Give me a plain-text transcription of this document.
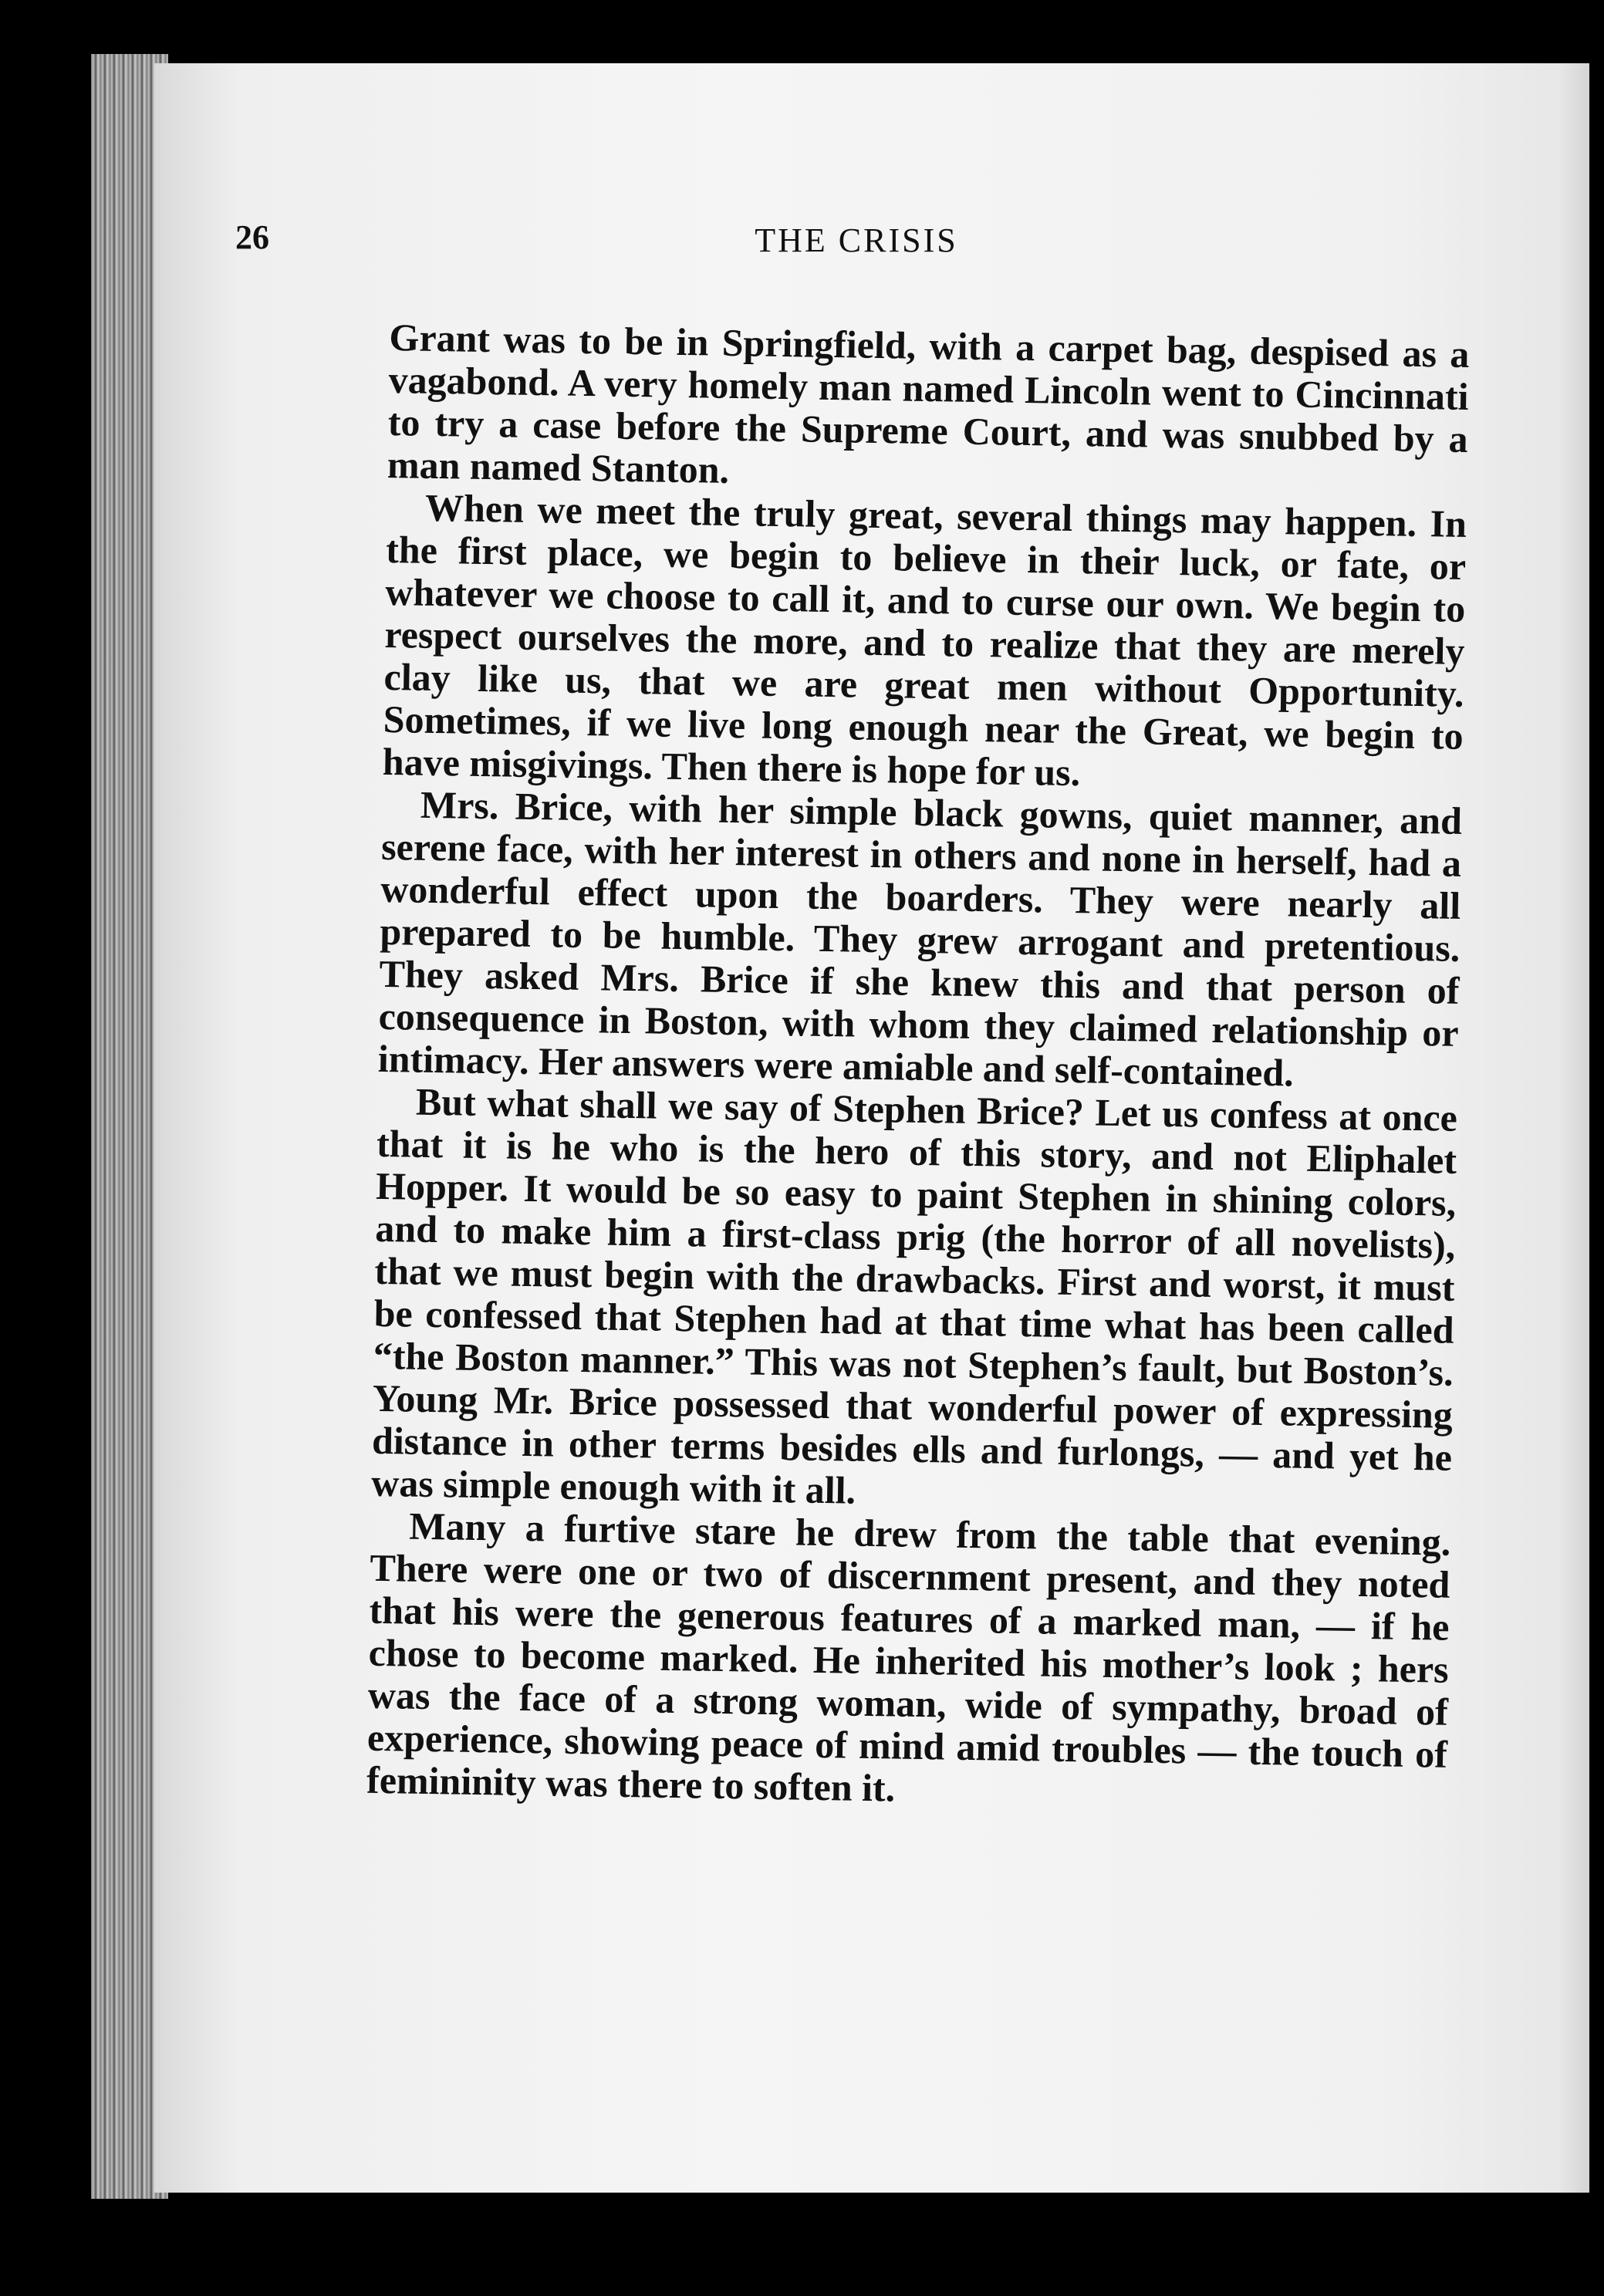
26	THE CRISIS

Grant was to be in Springfield, with a carpet bag, despised as a vagabond. A very homely man named Lincoln went to Cincinnati to try a case before the Supreme Court, and was snubbed by a man named Stanton.

When we meet the truly great, several things may happen. In the first place, we begin to believe in their luck, or fate, or whatever we choose to call it, and to curse our own. We begin to respect ourselves the more, and to realize that they are merely clay like us, that we are great men without Opportunity. Sometimes, if we live long enough near the Great, we begin to have misgivings. Then there is hope for us.

Mrs. Brice, with her simple black gowns, quiet manner, and serene face, with her interest in others and none in herself, had a wonderful effect upon the boarders. They were nearly all prepared to be humble. They grew arrogant and pretentious. They asked Mrs. Brice if she knew this and that person of consequence in Boston, with whom they claimed relationship or intimacy. Her answers were amiable and self-contained.

But what shall we say of Stephen Brice? Let us confess at once that it is he who is the hero of this story, and not Eliphalet Hopper. It would be so easy to paint Stephen in shining colors, and to make him a first-class prig (the horror of all novelists), that we must begin with the drawbacks. First and worst, it must be confessed that Stephen had at that time what has been called “the Boston manner.” This was not Stephen’s fault, but Boston’s. Young Mr. Brice possessed that wonderful power of expressing distance in other terms besides ells and furlongs, — and yet he was simple enough with it all.

Many a furtive stare he drew from the table that evening. There were one or two of discernment present, and they noted that his were the generous features of a marked man, — if he chose to become marked. He inherited his mother’s look ; hers was the face of a strong woman, wide of sympathy, broad of experience, showing peace of mind amid troubles — the touch of femininity was there to soften it.
